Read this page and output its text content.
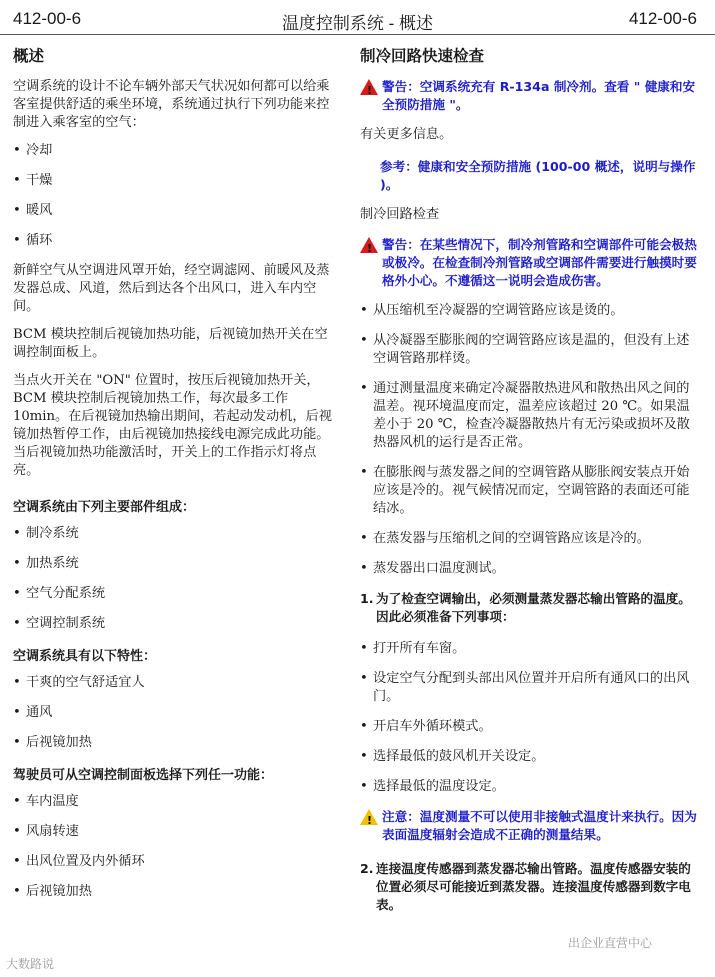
412-00-6	温度控制系统 - 概述	412-00-6
概述

空调系统的设计不论车辆外部天气状况如何都可以给乘客室提供舒适的乘坐环境，系统通过执行下列功能来控制进入乘客室的空气：

• 冷却
• 干燥
• 暖风
• 循环

新鲜空气从空调进风罩开始，经空调滤网、前暖风及蒸发器总成、风道，然后到达各个出风口，进入车内空间。

BCM 模块控制后视镜加热功能，后视镜加热开关在空调控制面板上。

当点火开关在 "ON" 位置时，按压后视镜加热开关， BCM 模块控制后视镜加热工作，每次最多工作 10min。在后视镜加热输出期间，若起动发动机，后视镜加热暂停工作，由后视镜加热接线电源完成此功能。当后视镜加热功能激活时，开关上的工作指示灯将点亮。

空调系统由下列主要部件组成：
• 制冷系统
• 加热系统
• 空气分配系统
• 空调控制系统
空调系统具有以下特性：
• 干爽的空气舒适宜人
• 通风
• 后视镜加热
驾驶员可从空调控制面板选择下列任一功能：
• 车内温度
• 风扇转速
• 出风位置及内外循环
• 后视镜加热
制冷回路快速检查
! 警告：空调系统充有 R-134a 制冷剂。查看 " 健康和安全预防措施 "。

有关更多信息。

参考：健康和安全预防措施 (100-00 概述，说明与操作 )。

制冷回路检查

! 警告：在某些情况下，制冷剂管路和空调部件可能会极热或极冷。在检查制冷剂管路或空调部件需要进行触摸时要格外小心。不遵循这一说明会造成伤害。
• 从压缩机至冷凝器的空调管路应该是烫的。
• 从冷凝器至膨胀阀的空调管路应该是温的，但没有上述空调管路那样烫。
• 通过测量温度来确定冷凝器散热进风和散热出风之间的温差。视环境温度而定，温差应该超过 20 ℃。如果温差小于 20 ℃，检查冷凝器散热片有无污染或损坏及散热器风机的运行是否正常。
• 在膨胀阀与蒸发器之间的空调管路从膨胀阀安装点开始应该是冷的。视气候情况而定，空调管路的表面还可能结冰。
• 在蒸发器与压缩机之间的空调管路应该是冷的。
• 蒸发器出口温度测试。
1. 为了检查空调输出，必须测量蒸发器芯输出管路的温度。因此必须准备下列事项：
• 打开所有车窗。
• 设定空气分配到头部出风位置并开启所有通风口的出风门。
• 开启车外循环模式。
• 选择最低的鼓风机开关设定。
• 选择最低的温度设定。
! 注意：温度测量不可以使用非接触式温度计来执行。因为表面温度辐射会造成不正确的测量结果。
2. 连接温度传感器到蒸发器芯输出管路。温度传感器安装的位置必须尽可能接近到蒸发器。连接温度传感器到数字电表。
大数路说
出企业直营中心
